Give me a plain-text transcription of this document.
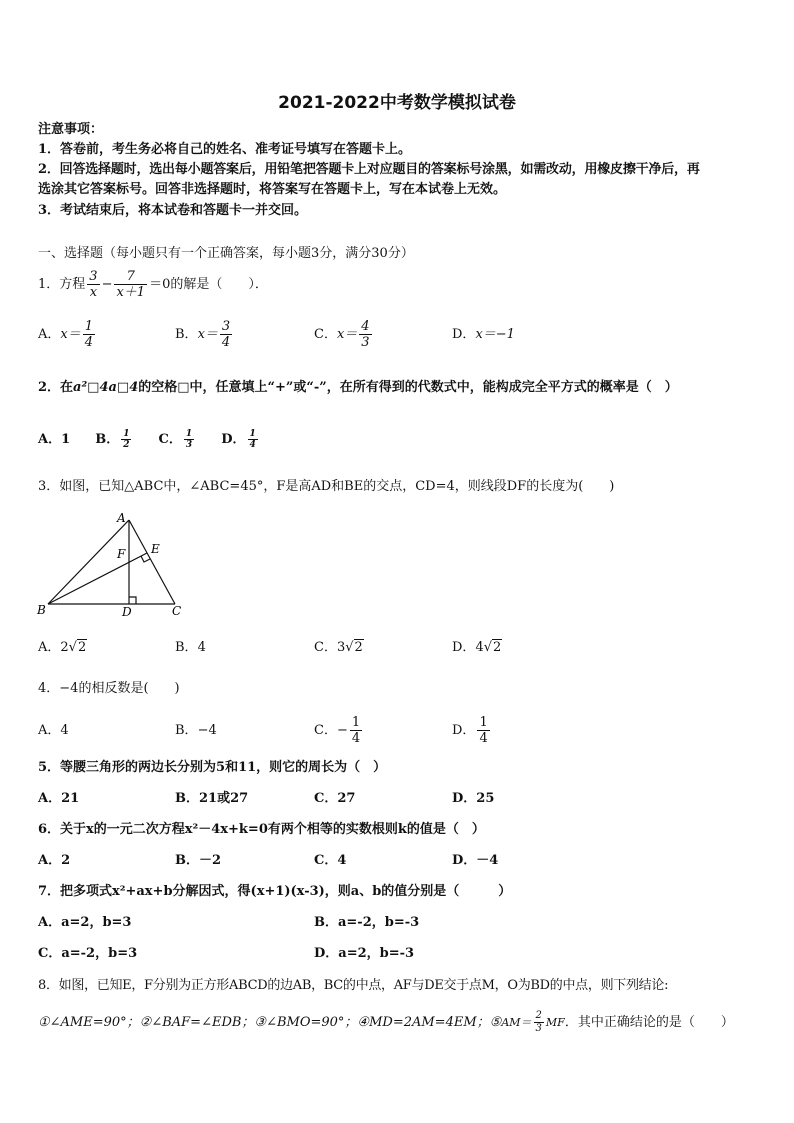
2021-2022中考数学模拟试卷
注意事项：
1．答卷前，考生务必将自己的姓名、准考证号填写在答题卡上。
2．回答选择题时，选出每小题答案后，用铅笔把答题卡上对应题目的答案标号涂黑，如需改动，用橡皮擦干净后，再
选涂其它答案标号。回答非选择题时，将答案写在答题卡上，写在本试卷上无效。
3．考试结束后，将本试卷和答题卡一并交回。
一、选择题（每小题只有一个正确答案，每小题3分，满分30分）
1．方程 $\frac{3}{x} - \frac{7}{x+1} =0$的解是（　　）．
A．$x= \frac{1}{4}$	B．$x= \frac{3}{4}$	C．$x= \frac{4}{3}$	D．x＝−1
2．在a²□4a□4的空格□中，任意填上“+”或“-”，在所有得到的代数式中，能构成完全平方式的概率是（　）
A．1 B． $\frac{1}{2}$ C． $\frac{1}{3}$ D． $\frac{1}{4}$
3．如图，已知△ABC中，∠ABC=45°，F是高AD和BE的交点，CD=4，则线段DF的长度为(　　)
A
B	C
D
E
F
A．2√2	B．4	C．3√2	D．4√2
4．−4的相反数是(　　)
A．4	B．−4	C．− $\frac{1}{4}$	D． $\frac{1}{4}$
5．等腰三角形的两边长分别为5和11，则它的周长为（　）
A．21	B．21或27	C．27	D．25
6．关于x的一元二次方程x²－4x+k=0有两个相等的实数根则k的值是（　）
A．2	B．－2	C．4	D．－4
7．把多项式x²+ax+b分解因式，得(x+1)(x-3)，则a、b的值分别是（　　　）
A．a=2，b=3	B．a=-2，b=-3
C．a=-2，b=3	D．a=2，b=-3
8．如图，已知E，F分别为正方形ABCD的边AB，BC的中点，AF与DE交于点M，O为BD的中点，则下列结论:
①∠AME=90°；②∠BAF=∠EDB；③∠BMO=90°；④MD=2AM=4EM；⑤AM＝ $\frac{2}{3}$ MF．其中正确结论的是（　　）
